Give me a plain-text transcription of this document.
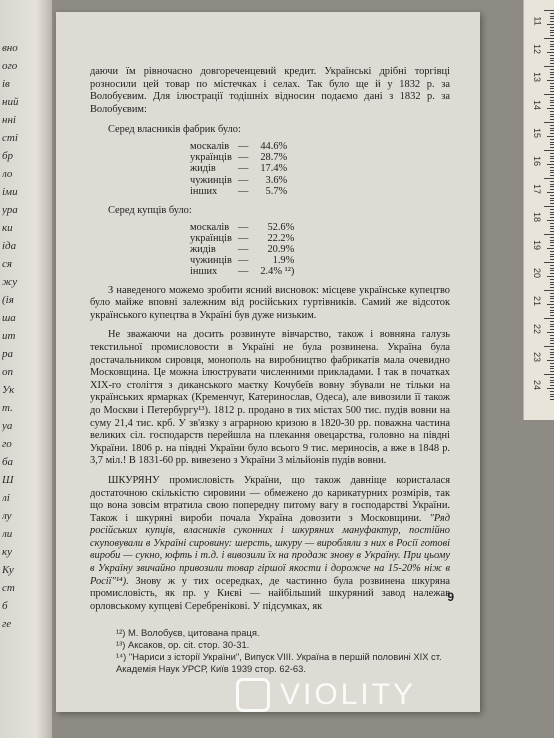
вно
ого
ів
ний
нні
сті
бр
ло
іми
ура
ки
іда
ся
жу
(ія
ша
ит
ра
оп
Ук
т.
уа
го
ба
Ш
лі
лу
ли
ку
Ку
ст
б
ге
11
12
13
14
15
16
17
18
19
20
21
22
23
24

даючи їм рівночасно довгореченцевий кредит. Українські дрібні торгівці розносили цей товар по містечках і селах. Так було ще й у 1832 р. за Волобуєвим. Для ілюстрації тодішніх відносин подаємо дані з 1832 р. за Волобуєвим:

Серед власників фабрик було:
москалів	—	44.6%
українців	—	28.7%
жидів	—	17.4%
чужинців	—	3.6%
інших	—	5.7%
Серед купців було:
москалів	—	52.6%
українців	—	22.2%
жидів	—	20.9%
чужинців	—	1.9%
інших	—	2.4% ¹²)

З наведеного можемо зробити ясний висновок: місцеве українське купецтво було майже вповні залежним від російських гуртівників. Самий же відсоток українського купецтва в Україні був дуже низьким.

Не зважаючи на досить розвинуте вівчарство, також і вовняна галузь текстильної промисловости в Україні не була розвинена. Україна була достачальником сировця, монополь на виробництво фабрикатів мала очевидно Московщина. Це можна ілюструвати численними прикладами. І так в початках XIX-го століття з диканського маєтку Кочубеїв вовну збували не тільки на українських ярмарках (Кременчуг, Катеринослав, Одеса), але вивозили її також до Москви і Петербургу¹³). 1812 р. продано в тих містах 500 тис. пудів вовни на суму 21,4 тис. крб. У зв'язку з аграрною кризою в 1820-30 рр. поважна частина великих сіл. господарств перейшла на плекання овецарства, головно на півдні України. 1806 р. на півдні України було всього 9 тис. мериносів, а вже в 1848 р. 3,7 міл.! В 1831-60 рр. вивезено з України 3 мільйонів пудів вовни.

ШКУРЯНУ промисловість України, що також давніще користалася достаточною скількістю сировини — обмежено до карикатурних розмірів, так що вона зовсім втратила свою попередну питому вагу в господарстві України. Також і шкуряні вироби почала Україна довозити з Московщини. "Ряд російських купців, власників суконних і шкуряних мануфактур, постійно скуповували в Україні сировину: шерсть, шкуру — виробляли з них в Росії готові вироби — сукно, юфть і т.д. і вивозили їх на продаж знову в Україну. При цьому в Україну звичайно привозили товар гіршої якости і дорожче на 15-20% ніж в Росії"¹⁴). Знову ж у тих осередках, де частинно була розвинена шкуряна промисловість, як пр. у Києві — найбільший шкуряний завод належав орловському купцеві Серебренікові. У підсумках, як

¹²) М. Волобуєв, цитована праця.
¹³) Аксаков, ор. сіt. стор. 30-31.
¹⁴) "Нариси з історії України", Випуск VIII. Україна в першій половині XIX ст. Академія Наук УРСР, Київ 1939 стор. 62-63.
9
VIOLITY
